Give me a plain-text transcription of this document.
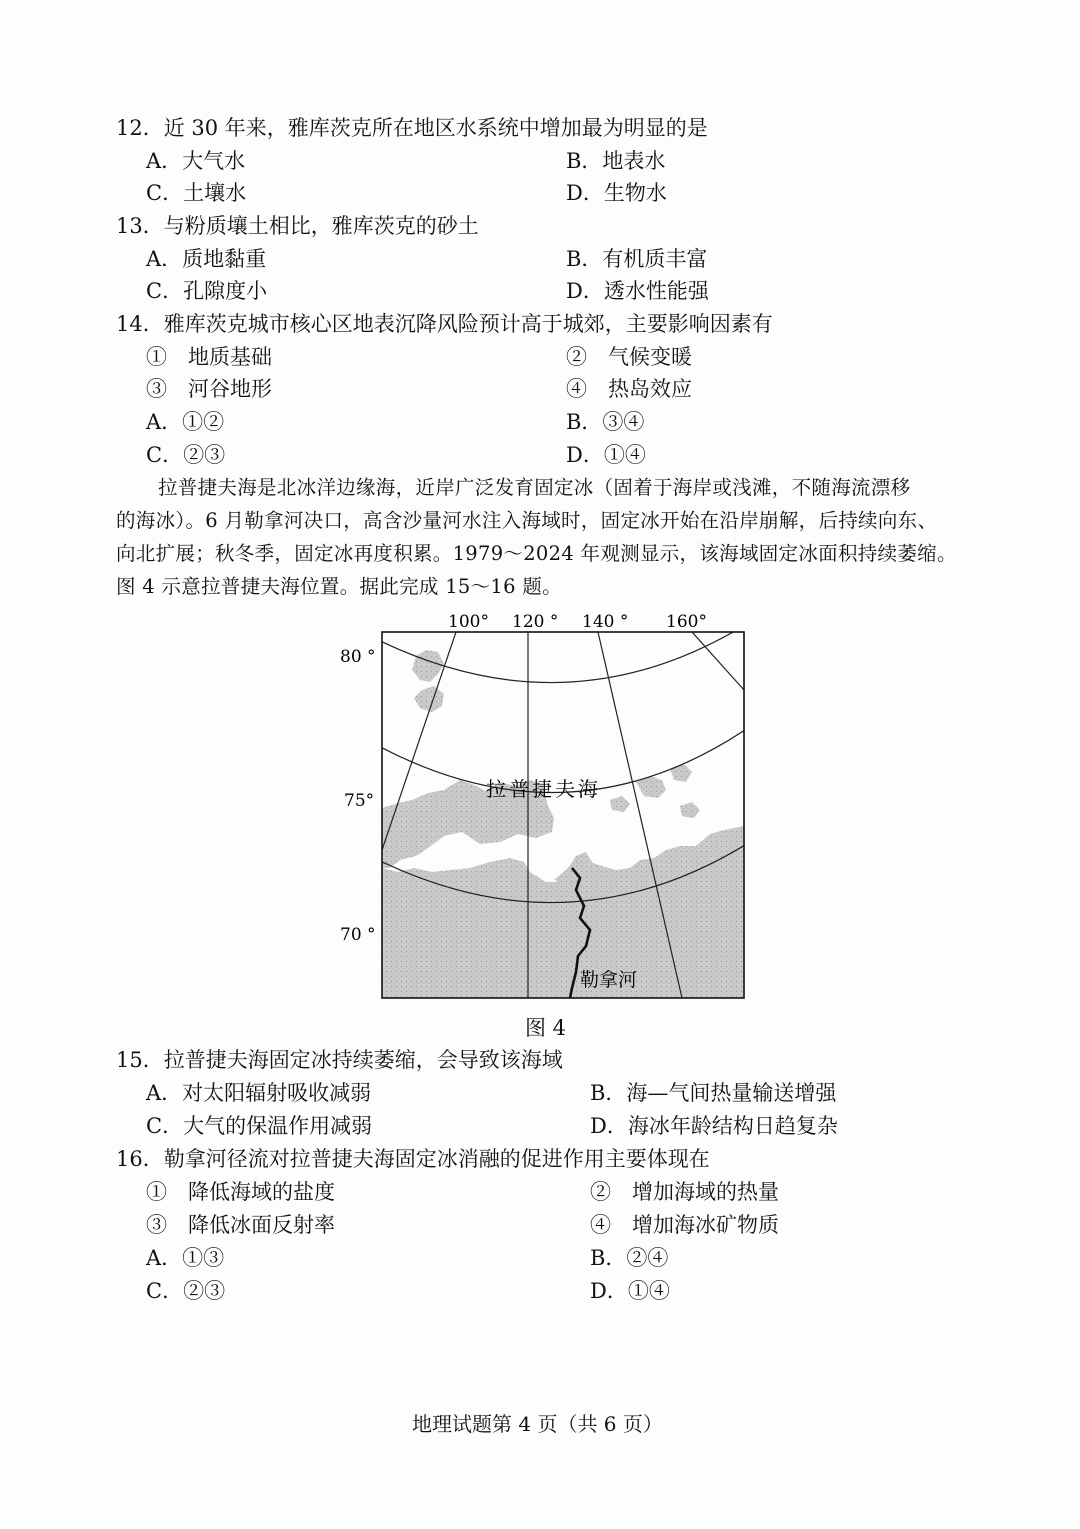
12．近 30 年来，雅库茨克所在地区水系统中增加最为明显的是
A．大气水	B．地表水
C．土壤水	D．生物水
13．与粉质壤土相比，雅库茨克的砂土
A．质地黏重	B．有机质丰富
C．孔隙度小	D．透水性能强
14．雅库茨克城市核心区地表沉降风险预计高于城郊，主要影响因素有
①　地质基础	②　气候变暖
③　河谷地形	④　热岛效应
A．①②	B．③④
C．②③	D．①④
拉普捷夫海是北冰洋边缘海，近岸广泛发育固定冰（固着于海岸或浅滩，不随海流漂移
的海冰）。6 月勒拿河决口，高含沙量河水注入海域时，固定冰开始在沿岸崩解，后持续向东、
向北扩展；秋冬季，固定冰再度积累。1979～2024 年观测显示，该海域固定冰面积持续萎缩。
图 4 示意拉普捷夫海位置。据此完成 15～16 题。
100° 120 ° 140 ° 160°
80 °
75°
70 °
拉普捷夫海
勒拿河
图 4
15．拉普捷夫海固定冰持续萎缩，会导致该海域
A．对太阳辐射吸收减弱	B．海—气间热量输送增强
C．大气的保温作用减弱	D．海冰年龄结构日趋复杂
16．勒拿河径流对拉普捷夫海固定冰消融的促进作用主要体现在
①　降低海域的盐度	②　增加海域的热量
③　降低冰面反射率	④　增加海冰矿物质
A．①③	B．②④
C．②③	D．①④
地理试题第 4 页（共 6 页）
